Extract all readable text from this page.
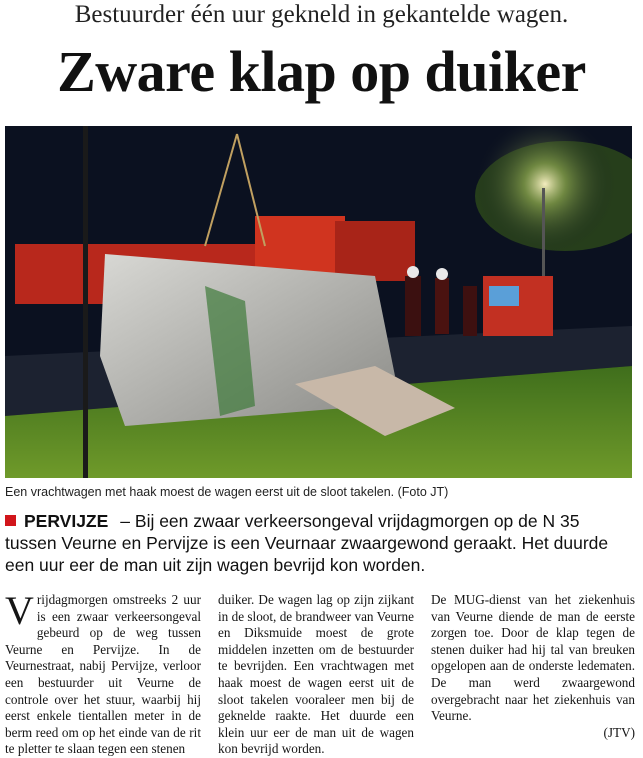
Bestuurder één uur gekneld in gekantelde wagen.
Zware klap op duiker
Een vrachtwagen met haak moest de wagen eerst uit de sloot takelen. (Foto JT)
PERVIJZE – Bij een zwaar verkeersongeval vrijdagmorgen op de N 35 tussen Veurne en Pervijze is een Veurnaar zwaargewond geraakt. Het duurde een uur eer de man uit zijn wagen bevrijd kon worden.

Vrijdagmorgen omstreeks 2 uur is een zwaar verkeersongeval gebeurd op de weg tussen Veurne en Pervijze. In de Veurnestraat, nabij Pervijze, verloor een bestuurder uit Veurne de controle over het stuur, waarbij hij eerst enkele tientallen meter in de berm reed om op het einde van de rit te pletter te slaan tegen een stenen

duiker. De wagen lag op zijn zijkant in de sloot, de brandweer van Veurne en Diksmuide moest de grote middelen inzetten om de bestuurder te bevrijden. Een vrachtwagen met haak moest de wagen eerst uit de sloot takelen vooraleer men bij de geknelde raakte. Het duurde een klein uur eer de man uit de wagen kon bevrijd worden.

De MUG-dienst van het ziekenhuis van Veurne diende de man de eerste zorgen toe. Door de klap tegen de stenen duiker had hij tal van breuken opgelopen aan de onderste ledematen. De man werd zwaargewond overgebracht naar het ziekenhuis van Veurne.

(JTV)
